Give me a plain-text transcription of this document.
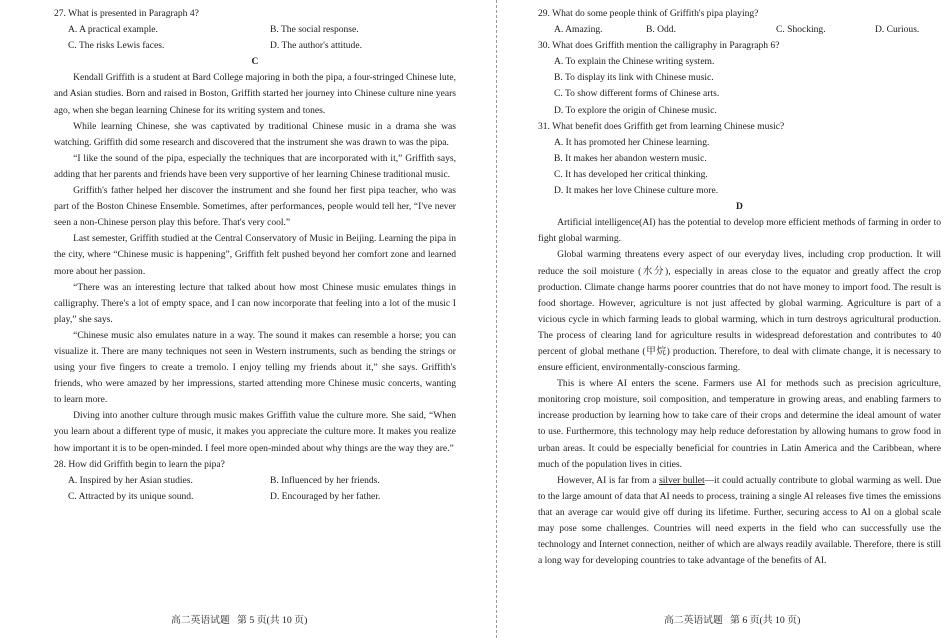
27. What is presented in Paragraph 4?

A. A practical example.	B. The social response.
C. The risks Lewis faces.	D. The author's attitude.

C

Kendall Griffith is a student at Bard College majoring in both the pipa, a four-stringed Chinese lute, and Asian studies. Born and raised in Boston, Griffith started her journey into Chinese culture nine years ago, when she began learning Chinese for its writing system and tones.

While learning Chinese, she was captivated by traditional Chinese music in a drama she was watching. Griffith did some research and discovered that the instrument she was drawn to was the pipa.

“I like the sound of the pipa, especially the techniques that are incorporated with it,” Griffith says, adding that her parents and friends have been very supportive of her learning Chinese traditional music.

Griffith's father helped her discover the instrument and she found her first pipa teacher, who was part of the Boston Chinese Ensemble. Sometimes, after performances, people would tell her, “I've never seen a non-Chinese person play this before. That's very cool.”

Last semester, Griffith studied at the Central Conservatory of Music in Beijing. Learning the pipa in the city, where “Chinese music is happening”, Griffith felt pushed beyond her comfort zone and learned more about her passion.

“There was an interesting lecture that talked about how most Chinese music emulates things in calligraphy. There's a lot of empty space, and I can now incorporate that feeling into a lot of the music I play,” she says.

“Chinese music also emulates nature in a way. The sound it makes can resemble a horse; you can visualize it. There are many techniques not seen in Western instruments, such as bending the strings or using your five fingers to create a tremolo. I enjoy telling my friends about it,” she says. Griffith's friends, who were amazed by her impressions, started attending more Chinese music concerts, wanting to learn more.

Diving into another culture through music makes Griffith value the culture more. She said, “When you learn about a different type of music, it makes you appreciate the culture more. It makes you realize how important it is to be open-minded. I feel more open-minded about why things are the way they are.”

28. How did Griffith begin to learn the pipa?

A. Inspired by her Asian studies.	B. Influenced by her friends.
C. Attracted by its unique sound.	D. Encouraged by her father.

29. What do some people think of Griffith's pipa playing?

A. Amazing.	B. Odd.	C. Shocking.	D. Curious.

30. What does Griffith mention the calligraphy in Paragraph 6?

A. To explain the Chinese writing system.
B. To display its link with Chinese music.
C. To show different forms of Chinese arts.
D. To explore the origin of Chinese music.

31. What benefit does Griffith get from learning Chinese music?

A. It has promoted her Chinese learning.
B. It makes her abandon western music.
C. It has developed her critical thinking.
D. It makes her love Chinese culture more.

D

Artificial intelligence(AI) has the potential to develop more efficient methods of farming in order to fight global warming.

Global warming threatens every aspect of our everyday lives, including crop production. It will reduce the soil moisture (水分), especially in areas close to the equator and greatly affect the crop production. Climate change harms poorer countries that do not have money to import food. The result is food shortage. However, agriculture is not just affected by global warming. Agriculture is part of a vicious cycle in which farming leads to global warming, which in turn destroys agricultural production. The process of clearing land for agriculture results in widespread deforestation and contributes to 40 percent of global methane (甲烷) production. Therefore, to deal with climate change, it is necessary to ensure efficient, environmentally-conscious farming.

This is where AI enters the scene. Farmers use AI for methods such as precision agriculture, monitoring crop moisture, soil composition, and temperature in growing areas, and enabling farmers to increase production by learning how to take care of their crops and determine the ideal amount of water to use. Furthermore, this technology may help reduce deforestation by allowing humans to grow food in urban areas. It could be especially beneficial for countries in Latin America and the Caribbean, where much of the population lives in cities.

However, AI is far from a silver bullet—it could actually contribute to global warming as well. Due to the large amount of data that AI needs to process, training a single AI releases five times the emissions that an average car would give off during its lifetime. Further, securing access to AI on a global scale may pose some challenges. Countries will need experts in the field who can successfully use the technology and Internet connection, neither of which are always readily available. Therefore, there is still a long way for developing countries to take advantage of the benefits of AI.

高二英语试题   第 5 页(共 10 页)	高二英语试题   第 6 页(共 10 页)
